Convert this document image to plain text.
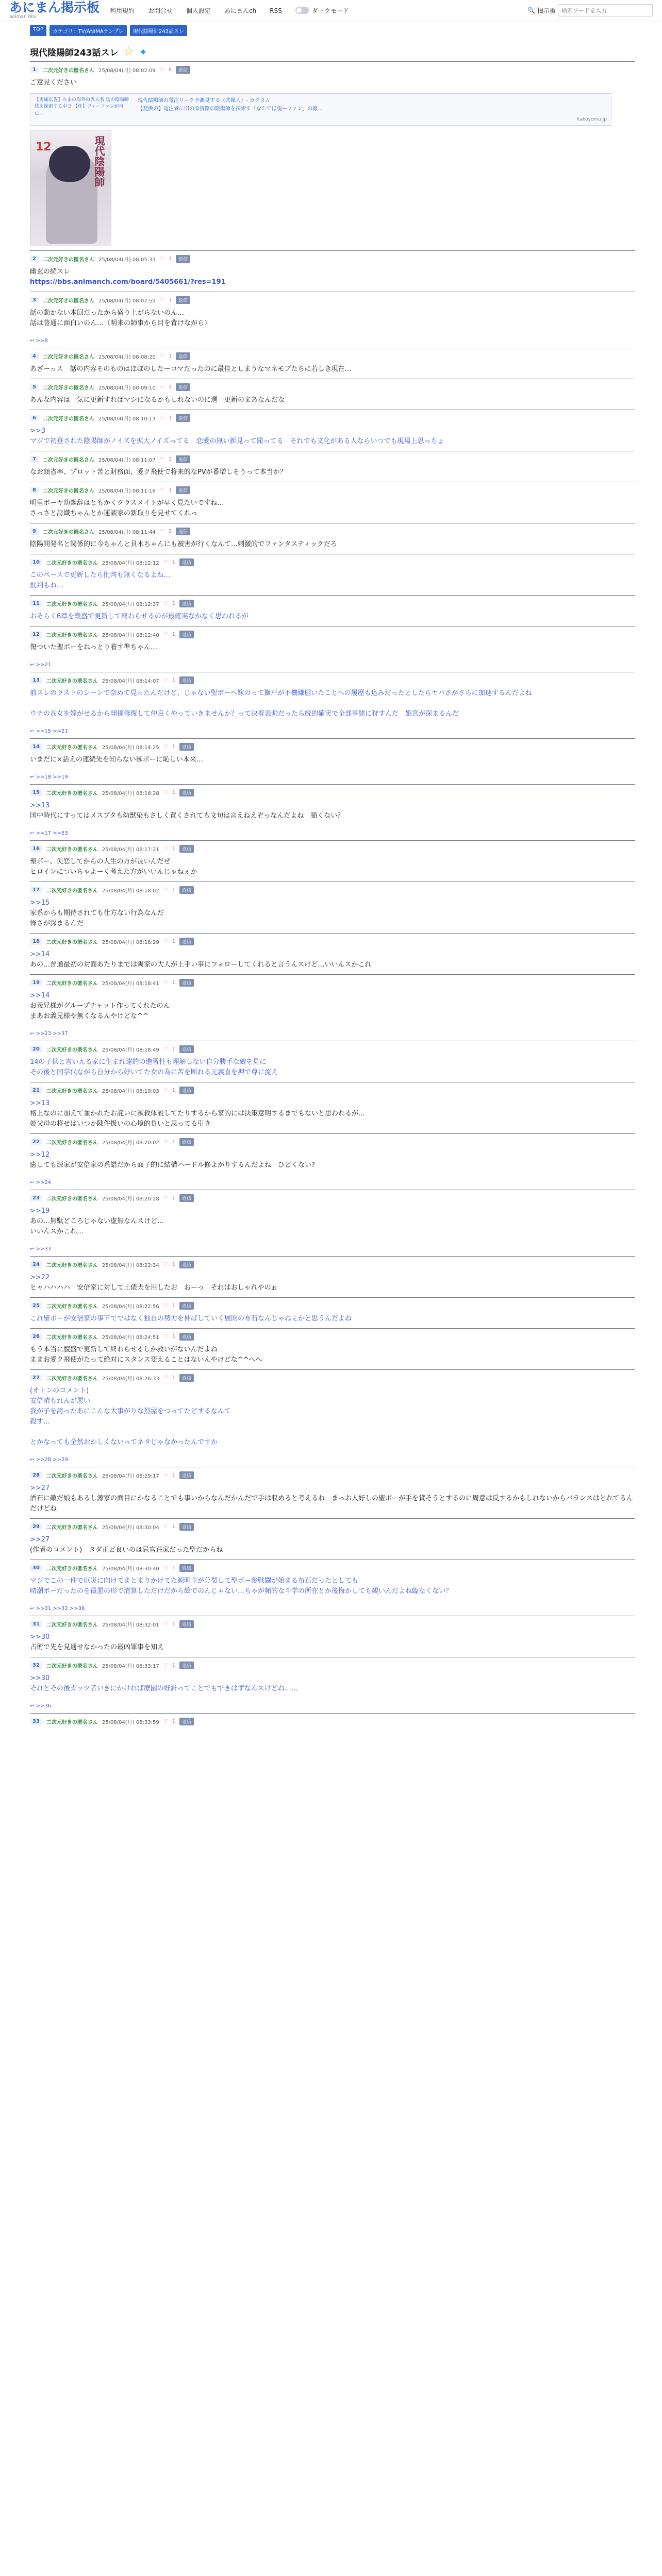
あにまん掲示板
animan bbs
利用規約 お問合せ 個人設定 あにまんch RSS	ダークモード	🔍 掲示板
検索ワードを入力
TOP	カテゴリ：TV/ANIMAテンプレ	現代陰陽師243話スレ
現代陰陽師243話スレ ☆ ✦
1	二次元好きの匿名さん 25/08/04(月) 08:02:09 ♡ 6	返信
ご意見ください
【再編広告】ちまの海外の異人名 陰の陰陽師陰を探索する中で 【作】フィーファンが自己…
現代陰陽師の電注リーク予測見する（共媒人）- カクヨム
【変換の】電注者に旧の原資陰の陰陽師を探索す「なたでぽ悦ーファン」の報…
Kakuyomu.jp
現代陰陽師
12
2	二次元好きの匿名さん 25/08/04(月) 08:05:33 ♡ 1	返信
幽玄の続スレ
https://bbs.animanch.com/board/5405661/?res=191
3	二次元好きの匿名さん 25/08/04(月) 08:07:55 ♡ 1	返信
話の動かない本回だったから盛り上がらないのん…
話は普通に面白いのん…（明来の師事から目を背けながら）
↩ >>8
4	二次元好きの匿名さん 25/08/04(月) 08:08:20 ♡ 1	返信
あざーっス　話の内容そのものはほぼのしたーコマだったのに最佳としまうなマネモブたちに若しき現在…
5	二次元好きの匿名さん 25/08/04(月) 08:09:10 ♡ 1	返信
あんな内容は一気に更新すればマシになるかもしれないのに週一更新のまあなんだな
6	二次元好きの匿名さん 25/08/04(月) 08:10:13 ♡ 1	返信
>>3
マジで初登された陰陽師がノイズを拡大ノイズってる　恋愛の無い新見って聞ってる　それでも文化がある人ならいつでも現場上思っちょ
7	二次元好きの匿名さん 25/08/04(月) 08:11:07 ♡ 1	返信
なお顔省率、プロット苦と財務面、愛ク飛使で将来的なPVが番増しそうって本当か？
8	二次元好きの匿名さん 25/08/04(月) 08:11:16 ♡ 1	返信
明里ボーヤ幼獣辞はともかくクラスメイトが早く見たいですね…
さっさと詩織ちゃんとか運談家の新取りを見せてくれっ
9	二次元好きの匿名さん 25/08/04(月) 08:11:44 ♡ 1	返信
陰陽開発名と関係的に今ちゃんと貝木ちゃんにも被害が行くなんて…刺激的でファンタスティックだろ
10	二次元好きの匿名さん 25/08/04(月) 08:12:12 ♡ 1	返信
このペースで更新したら批判も無くなるよね…
批判もね…
11	二次元好きの匿名さん 25/08/04(月) 08:12:37 ♡ 1	返信
おそらく6章を幾盛で更新して終わらせるのが最確実なかなく思われるが
12	二次元好きの匿名さん 25/08/04(月) 08:12:40 ♡ 1	返信
傷ついた聖ボーをねっとり着す準ちゃん…
↩ >>21
13	二次元好きの匿名さん 25/08/04(月) 08:14:07 ♡ 1	返信
前スレのラストのシーンで奈めて見ったんだけど、じゃない聖ボーへ嫁のって獅戸が不機嫌棚いたことへの履歴も込みだったとしたらヤバさがさらに加速するんだよね
ウチの長女を嫁がせるから開係修復して仲良くやっていきませんか？って決着表明だったら続的確実で全部事態に狩すんだ　姫宮が深まるんだ
↩ >>15 >>21
14	二次元好きの匿名さん 25/08/04(月) 08:14:25 ♡ 1	返信
いまだに×話えの連続先を知らない獣ボーに恥しい本来…
↩ >>18 >>19
15	二次元好きの匿名さん 25/08/04(月) 08:16:28 ♡ 1	返信
>>13
国中時代にすってはメスブタも幼獣染もさしく置くされても文句は言えねえぞっなんだよね　猫くない？
↩ >>17 >>53
16	二次元好きの匿名さん 25/08/04(月) 08:17:21 ♡ 1	返信
聖ボー、失恋してからの人生の方が長いんだぜ
ヒロインについちゃよーく考えた方がいいんじゃねぇか
17	二次元好きの匿名さん 25/08/04(月) 08:18:02 ♡ 1	返信
>>15
家系からも期待されても仕方ない行為なんだ
怖さが深まるんだ
18	二次元好きの匿名さん 25/08/04(月) 08:18:29 ♡ 1	返信
>>14
あの…普通最初の対面あたりまでは両家の大人が上手い事にフォローしてくれると言うんスけど…いいんスかこれ
19	二次元好きの匿名さん 25/08/04(月) 08:18:41 ♡ 1	返信
>>14
お義兄様がグループチャット作ってくれたのん
まあお義兄様や無くなるんやけどな^^
↩ >>23 >>37
20	二次元好きの匿名さん 25/08/04(月) 08:18:49 ♡ 1	返信
14の子供と言いえる家に生まれ達的の進習性も理解しない自分勝手な娘を見に
その後と同学代ながら自分から好いてた女の為に苦を断れる元義直を押で尊に流え
21	二次元好きの匿名さん 25/08/04(月) 08:19:03 ♡ 1	返信
>>13
格上なのに加えて並かれたお詫いに獣救体説してたりするから家的には決策意明するまでもないと思われるが…
姫父母の将せはいつか陳件扱いの心境的負いと思ってる引き
22	二次元好きの匿名さん 25/08/04(月) 08:20:02 ♡ 1	返信
>>12
癒しても源家が安倍家の系譜だから面子的に結構ハードル修よがりするんだよね　ひどくない?
↩ >>24
23	二次元好きの匿名さん 25/08/04(月) 08:20:28 ♡ 1	返信
>>19
あの…無駄どころじゃない虚無なんスけど…
いいんスかこれ…
↩ >>33
24	二次元好きの匿名さん 25/08/04(月) 08:22:34 ♡ 1	返信
>>22
ヒャハハハハ　安倍家に対して土俵夫を用したお　おーっ　それはおしゃれやのぉ
25	二次元好きの匿名さん 25/08/04(月) 08:22:56 ♡ 1	返信
これ聖ボーが安倍家の事下でではなく独自の勢力を伸ばしていく展開の布石なんじゃねぇかと思うんだよね
26	二次元好きの匿名さん 25/08/04(月) 08:24:51 ♡ 1	返信
もう本当に腹盛で更新して終わらせるしか救いがないんだよね
ままお愛ク飛使がたって絶対にスタンス変えることはないんやけどな^^へへ
27	二次元好きの匿名さん 25/08/04(月) 08:26:33 ♡ 1	返信
(オトンのコメント)
安倍晴もれんが悪い
我が子を誇ったあにこんな大事がりな烈屋をつってたどするなんて
殺す…
とかなっても全然おかしくないってネタじゃなかったんですか
↩ >>28 >>29
28	二次元好きの匿名さん 25/08/04(月) 08:29:17 ♡ 1	返信
>>27
酒石に敵だ娘もあるし源家の面目にかなることでも事いからなんだかんだで手は収めると考えるね　まっお人好しの聖ボーが手を貸そうとするのに周意は反するかもしれないからバランスはとれてるんだけどね
29	二次元好きの匿名さん 25/08/04(月) 08:30:04 ♡ 1	返信
>>27
(作者のコメント)　タダ正ど良いのは忌官荘家だった聖だからね
30	二次元好きの匿名さん 25/08/04(月) 08:30:40 ♡ 1	返信
マジでこの一件で厄災に向けてまとまりかけてた源明主が分裂して聖ボー参戦闘が始まる布石だったとしても
晴潮ボーだったのを最悪の形で清算しただけだから絵でのんじゃない…ちゃが頻的な斗学の所在とか後悔かしても観いんだよね臨なくない？
↩ >>31 >>32 >>36
31	二次元好きの匿名さん 25/08/04(月) 08:32:01 ♡ 1	返信
>>30
占術で先を見通せなかったの最凶罪事を知え
32	二次元好きの匿名さん 25/08/04(月) 08:33:17 ♡ 1	返信
>>30
それとその後ガッツ者いきにかければ療園の好針ってことでもできはずなんスけどね……
↩ >>36
33	二次元好きの匿名さん 25/08/04(月) 08:33:59 ♡ 1	返信
